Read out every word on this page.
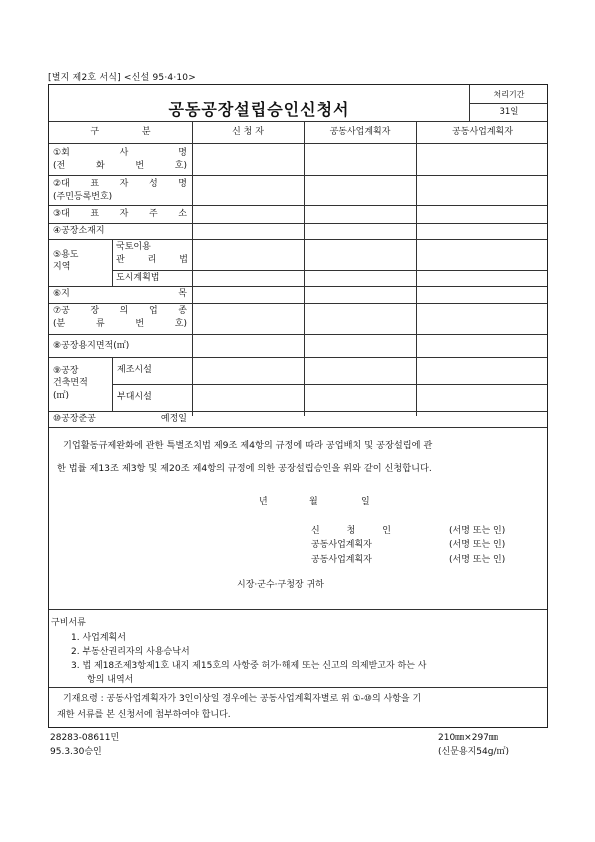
[별지 제2호 서식] <신설 95·4·10>
공동공장설립승인신청서
처리기간
31일
구 분	신 청 자	공동사업계획자	공동사업계획자
①회	사	명
(전	화	번	호)
②대 표 자 성 명
(주민등록번호)
③대 표 자 주 소
④공장소재지
⑤용도
지역
국토이용
관	리	법
도시계획법
⑥지	목
⑦공 장 의 업 종
(분	류	번	호)
⑧공장용지면적(㎡)
⑨공장
건축면적
(㎡)
제조시설
부대시설
⑩공장준공	예정일
기업활동규제완화에 관한 특별조치법 제9조 제4항의 규정에 따라 공업배치 및 공장설립에 관
한 법률 제13조 제3항 및 제20조 제4항의 규정에 의한 공장설립승인을 위와 같이 신청합니다.
년	월	일
신 청 인	(서명 또는 인)
공동사업계획자	(서명 또는 인)
공동사업계획자	(서명 또는 인)
시장·군수·구청장 귀하
구비서류
1. 사업계획서
2. 부동산권리자의 사용승낙서
3. 법 제18조제3항제1호 내지 제15호의 사항중 허가·해제 또는 신고의 의제받고자 하는 사
항의 내역서
기재요령 : 공동사업계획자가 3인이상일 경우에는 공동사업계획자별로 위 ①-⑩의 사항을 기
재한 서류를 본 신청서에 첨부하여야 합니다.
28283-08611민
95.3.30승인
210㎜×297㎜
(신문용지54g/㎡)
